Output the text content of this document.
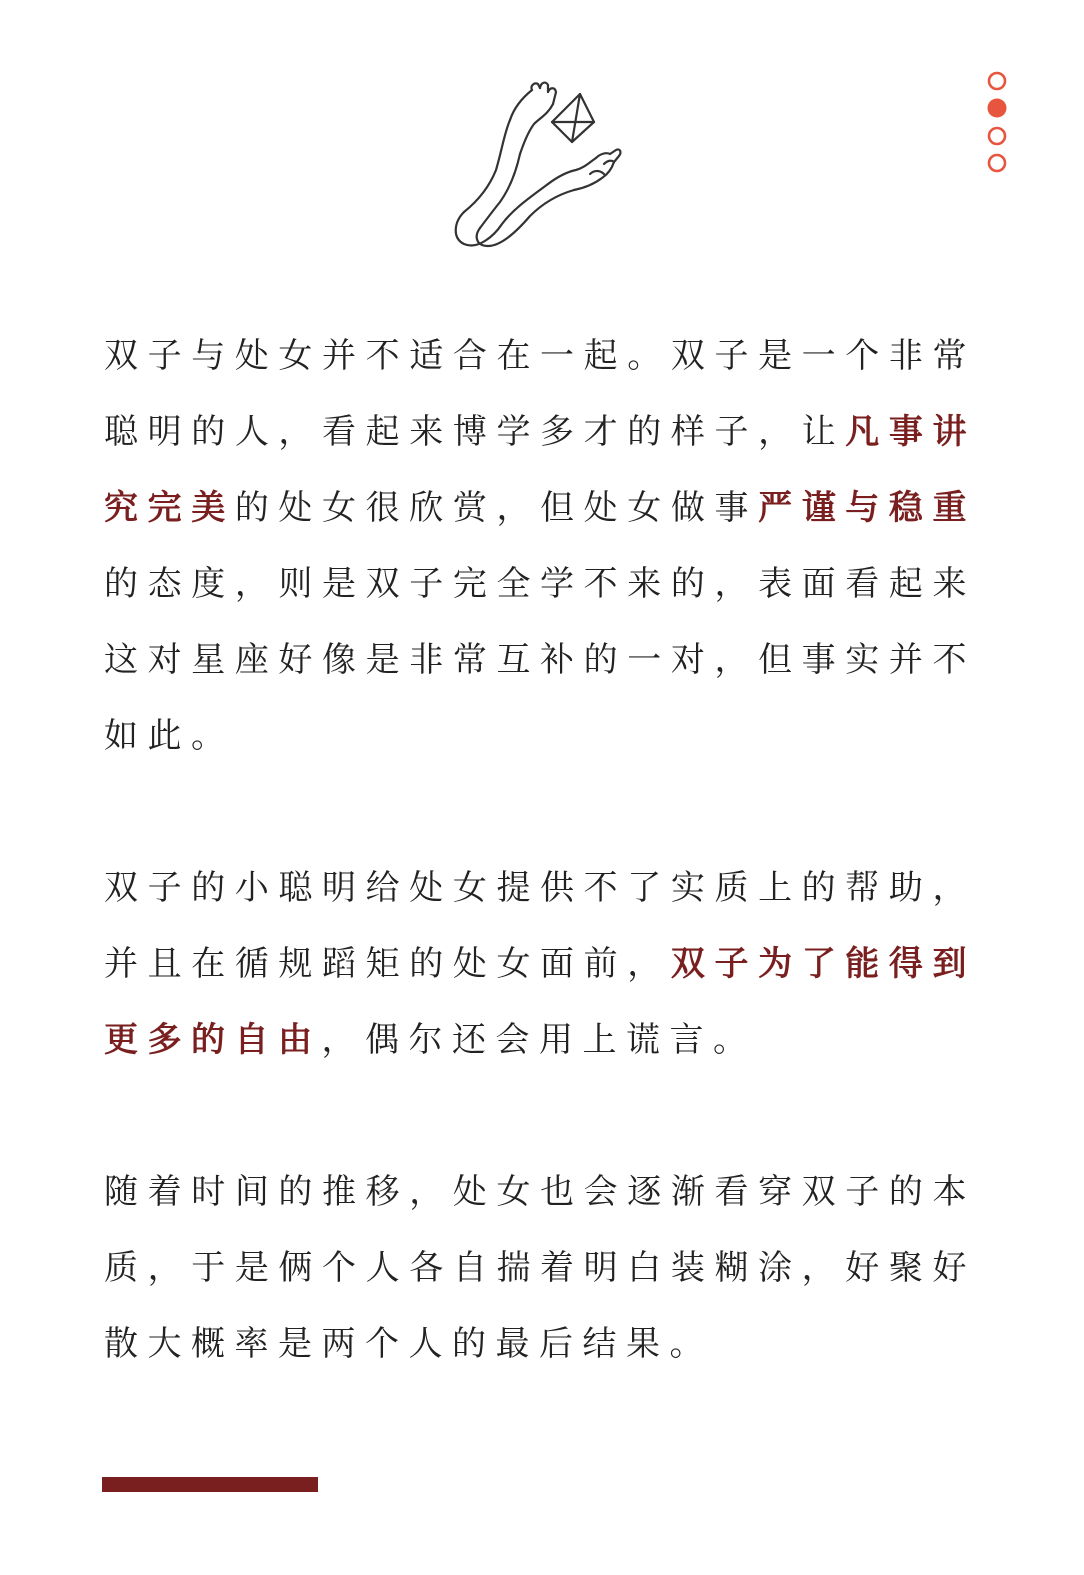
双子与处女并不适合在一起。双子是一个非常聪明的人，看起来博学多才的样子，让凡事讲究完美的处女很欣赏，但处女做事严谨与稳重的态度，则是双子完全学不来的，表面看起来这对星座好像是非常互补的一对，但事实并不如此。

双子的小聪明给处女提供不了实质上的帮助，并且在循规蹈矩的处女面前，双子为了能得到更多的自由，偶尔还会用上谎言。

随着时间的推移，处女也会逐渐看穿双子的本质，于是俩个人各自揣着明白装糊涂，好聚好散大概率是两个人的最后结果。
